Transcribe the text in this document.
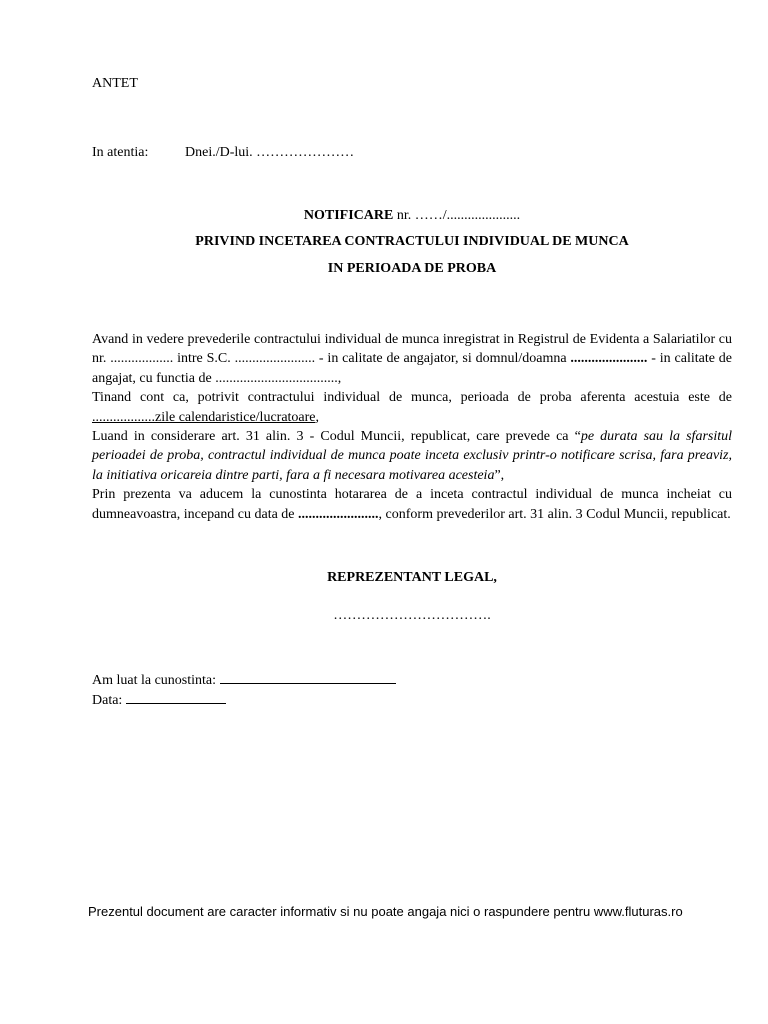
ANTET
In atentia:	Dnei./D-lui. …………………
NOTIFICARE nr. ……/.....................
PRIVIND INCETAREA CONTRACTULUI INDIVIDUAL DE MUNCA
IN PERIOADA DE PROBA

Avand in vedere prevederile contractului individual de munca inregistrat in Registrul de Evidenta a Salariatilor cu nr. .................. intre S.C. ....................... - in calitate de angajator, si domnul/doamna ...................... - in calitate de angajat, cu functia de ...................................,

Tinand cont ca, potrivit contractului individual de munca, perioada de proba aferenta acestuia este de ..................zile calendaristice/lucratoare,

Luand in considerare art. 31 alin. 3 - Codul Muncii, republicat, care prevede ca “pe durata sau la sfarsitul perioadei de proba, contractul individual de munca poate inceta exclusiv printr-o notificare scrisa, fara preaviz, la initiativa oricareia dintre parti, fara a fi necesara motivarea acesteia”,

Prin prezenta va aducem la cunostinta hotararea de a inceta contractul individual de munca incheiat cu dumneavoastra, incepand cu data de ......................., conform prevederilor art. 31 alin. 3 Codul Muncii, republicat.

REPREZENTANT LEGAL,
…………………………….
Am luat la cunostinta:
Data:
Prezentul document are caracter informativ si nu poate angaja nici o raspundere pentru www.fluturas.ro
